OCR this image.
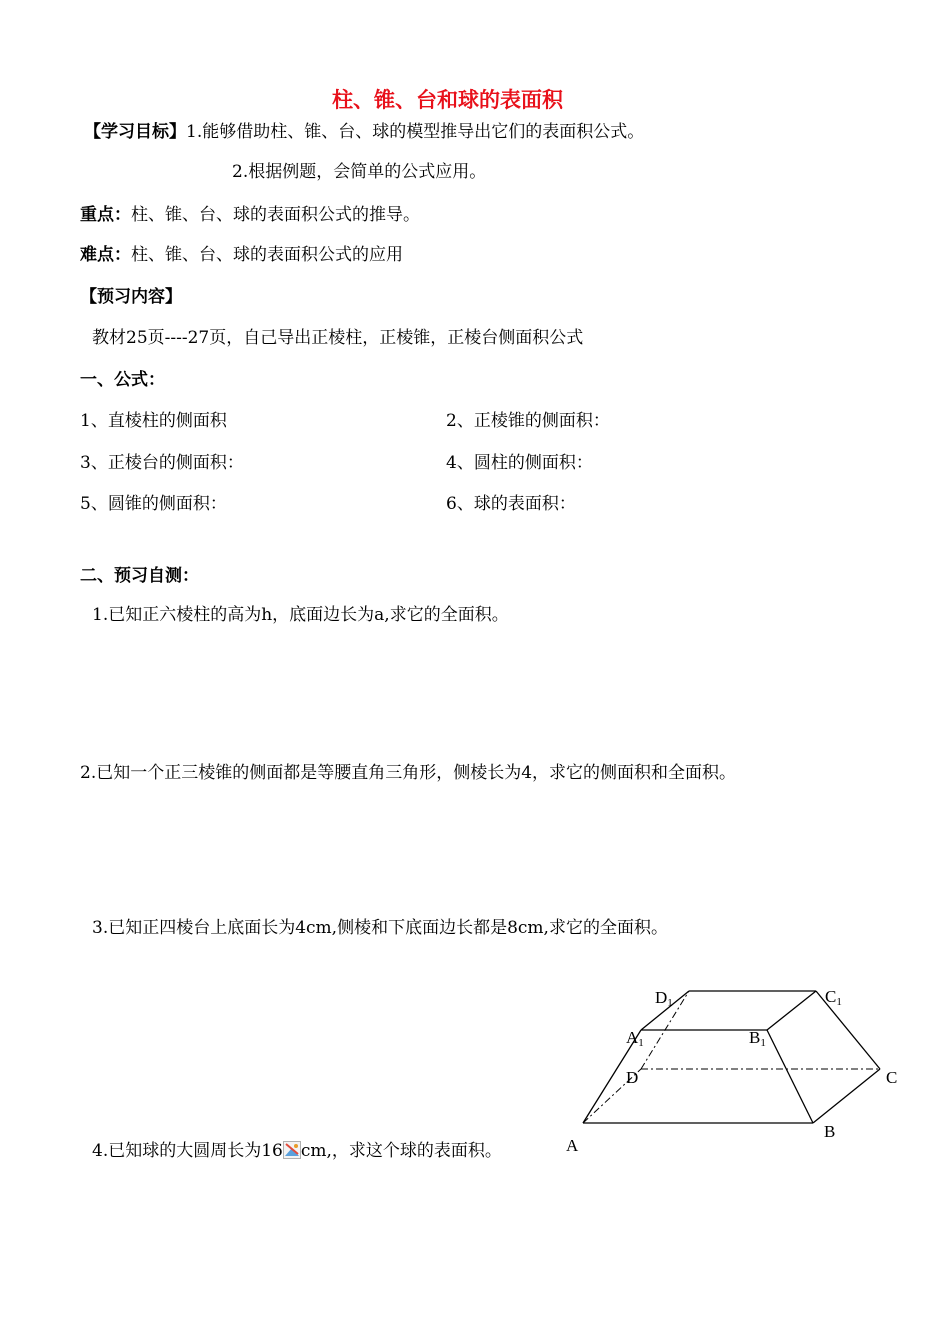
柱、锥、台和球的表面积
【学习目标】1.能够借助柱、锥、台、球的模型推导出它们的表面积公式。
2.根据例题，会简单的公式应用。
重点：柱、锥、台、球的表面积公式的推导。
难点：柱、锥、台、球的表面积公式的应用
【预习内容】
教材25页----27页，自己导出正棱柱，正棱锥，正棱台侧面积公式
一、公式：
1、直棱柱的侧面积	2、正棱锥的侧面积：
3、正棱台的侧面积：	4、圆柱的侧面积：
5、圆锥的侧面积：	6、球的表面积：
二、预习自测：
1.已知正六棱柱的高为h，底面边长为a,求它的全面积。
2.已知一个正三棱锥的侧面都是等腰直角三角形，侧棱长为4，求它的侧面积和全面积。
3.已知正四棱台上底面长为4cm,侧棱和下底面边长都是8cm,求它的全面积。
4.已知球的大圆周长为16 cm,，求这个球的表面积。
D1	C1
A1	B1
D	C
A
B
